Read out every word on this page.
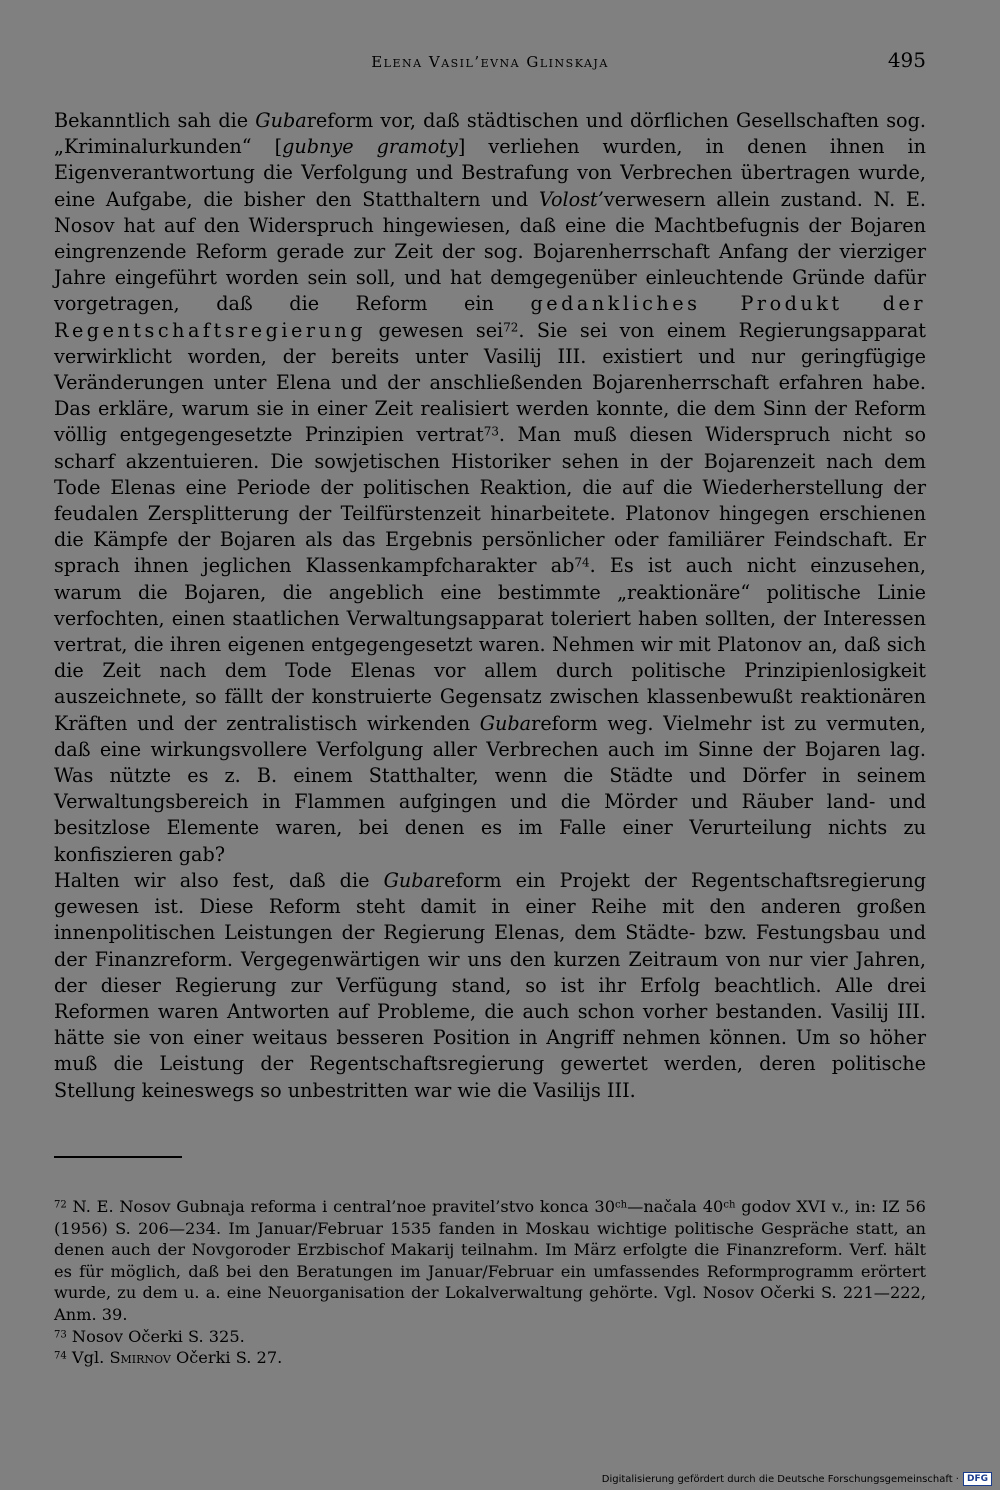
Elena Vasil’evna Glinskaja	495

Bekanntlich sah die Gubareform vor, daß städtischen und dörflichen Gesellschaften sog. „Kriminalurkunden“ [gubnye gramoty] verliehen wurden, in denen ihnen in Eigenverantwortung die Verfolgung und Bestrafung von Verbrechen übertragen wurde, eine Aufgabe, die bisher den Statthaltern und Volost’verwesern allein zustand. N. E. Nosov hat auf den Widerspruch hingewiesen, daß eine die Machtbefugnis der Bojaren eingrenzende Reform gerade zur Zeit der sog. Bojarenherrschaft Anfang der vierziger Jahre eingeführt worden sein soll, und hat demgegenüber einleuchtende Gründe dafür vorgetragen, daß die Reform ein gedankliches Produkt der Regentschaftsregierung gewesen sei$^{72}$. Sie sei von einem Regierungsapparat verwirklicht worden, der bereits unter Vasilij III. existiert und nur geringfügige Veränderungen unter Elena und der anschließenden Bojarenherrschaft erfahren habe. Das erkläre, warum sie in einer Zeit realisiert werden konnte, die dem Sinn der Reform völlig entgegengesetzte Prinzipien vertrat$^{73}$. Man muß diesen Widerspruch nicht so scharf akzentuieren. Die sowjetischen Historiker sehen in der Bojarenzeit nach dem Tode Elenas eine Periode der politischen Reaktion, die auf die Wiederherstellung der feudalen Zersplitterung der Teilfürstenzeit hinarbeitete. Platonov hingegen erschienen die Kämpfe der Bojaren als das Ergebnis persönlicher oder familiärer Feindschaft. Er sprach ihnen jeglichen Klassenkampfcharakter $ab^{74}$. Es ist auch nicht einzusehen, warum die Bojaren, die angeblich eine bestimmte „reaktionäre“ politische Linie verfochten, einen staatlichen Verwaltungsapparat toleriert haben sollten, der Interessen vertrat, die ihren eigenen entgegengesetzt waren. Nehmen wir mit Platonov an, daß sich die Zeit nach dem Tode Elenas vor allem durch politische Prinzipienlosigkeit auszeichnete, so fällt der konstruierte Gegensatz zwischen klassenbewußt reaktionären Kräften und der zentralistisch wirkenden Gubareform weg. Vielmehr ist zu vermuten, daß eine wirkungsvollere Verfolgung aller Verbrechen auch im Sinne der Bojaren lag. Was nützte es z. B. einem Statthalter, wenn die Städte und Dörfer in seinem Verwaltungsbereich in Flammen aufgingen und die Mörder und Räuber land- und besitzlose Elemente waren, bei denen es im Falle einer Verurteilung nichts zu konfiszieren gab?

Halten wir also fest, daß die Gubareform ein Projekt der Regentschaftsregierung gewesen ist. Diese Reform steht damit in einer Reihe mit den anderen großen innenpolitischen Leistungen der Regierung Elenas, dem Städte- bzw. Festungsbau und der Finanzreform. Vergegenwärtigen wir uns den kurzen Zeitraum von nur vier Jahren, der dieser Regierung zur Verfügung stand, so ist ihr Erfolg beachtlich. Alle drei Reformen waren Antworten auf Probleme, die auch schon vorher bestanden. Vasilij III. hätte sie von einer weitaus besseren Position in Angriff nehmen können. Um so höher muß die Leistung der Regentschaftsregierung gewertet werden, deren politische Stellung keineswegs so unbestritten war wie die Vasilijs III.

$^{72}$ N. E. Nosov Gubnaja reforma i central’noe pravitel’stvo konca $30^{ch}—načala$ $40^{ch}$ godov XVI v., in: IZ 56 (1956) S. 206—234. Im Januar/Februar 1535 fanden in Moskau wichtige politische Gespräche statt, an denen auch der Novgoroder Erzbischof Makarij teilnahm. Im März erfolgte die Finanzreform. Verf. hält es für möglich, daß bei den Beratungen im Januar/Februar ein umfassendes Reformprogramm erörtert wurde, zu dem u. a. eine Neuorganisation der Lokalverwaltung gehörte. Vgl. Nosov Očerki S. 221—222, Anm. 39.

$^{73}$ Nosov Očerki S. 325.

$^{74}$ Vgl. Smirnov Očerki S. 27.

Digitalisierung gefördert durch die Deutsche Forschungsgemeinschaft · DFG
